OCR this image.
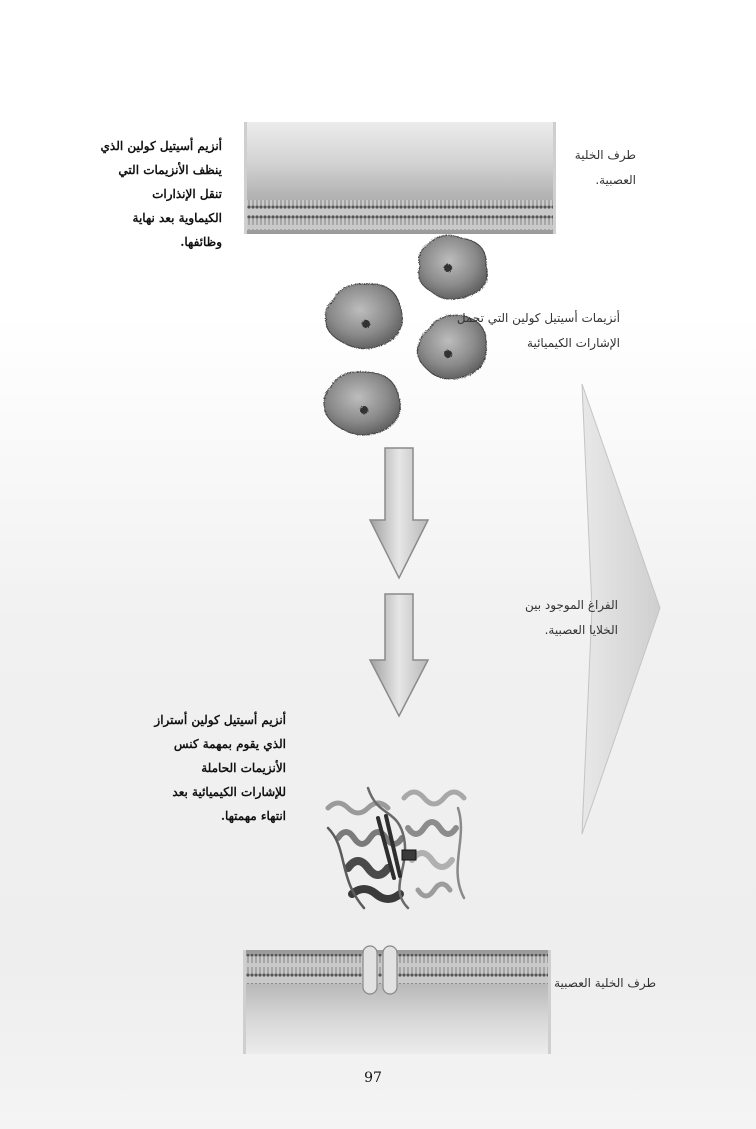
طرف الخلية
العصبية.
أنزيمات أسيتيل كولين التي تحمل
الإشارات الكيميائية
الفراغ الموجود بين
الخلايا العصبية.
طرف الخلية العصبية
أنزيم أسيتيل كولين الذي
ينظف الأنزيمات التي
تنقل الإنذارات
الكيماوية بعد نهاية
وظائفها.
أنزيم أسيتيل كولين أستراز
الذي يقوم بمهمة كنس
الأنزيمات الحاملة
للإشارات الكيميائية بعد
انتهاء مهمتها.
97
